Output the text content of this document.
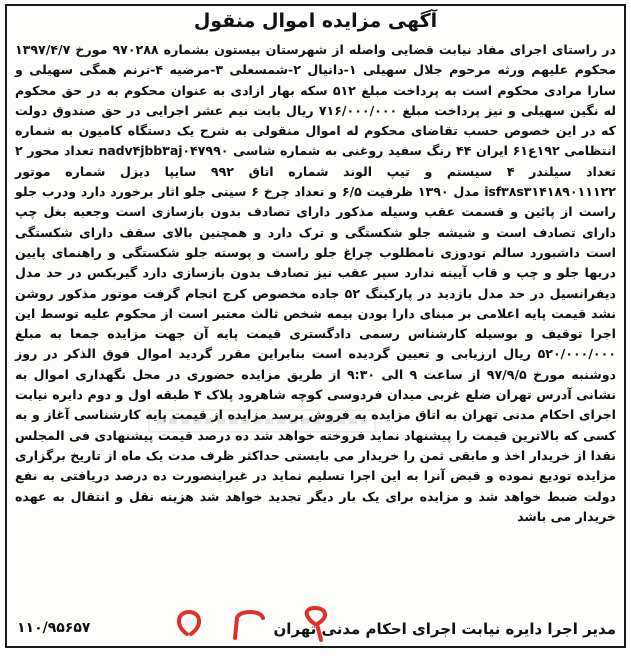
آگهی مزایده اموال منقول
در راستای اجرای مفاد نیابت قضایی واصله از شهرستان بیستون بشماره ۹۷۰۲۸۸ مورخ ۱۳۹۷/۴/۷ محکوم علیهم ورثه مرحوم جلال سهیلی ۱-دانیال ۲-شمسعلی ۳-مرضیه ۴-ترنم همگی سهیلی و سارا مرادی محکوم است به پرداخت مبلغ ۵۱۲ سکه بهار ازادی به عنوان محکوم به در حق محکوم له نگین سهیلی و نیز پرداخت مبلغ ۷۱۶/۰۰۰/۰۰۰ ریال بابت نیم عشر اجرایی در حق صندوق دولت که در این خصوص حسب تقاضای محکوم له اموال منقولی به شرح یک دستگاه کامیون به شماره انتظامی ۱۹۲ع۶۱ ایران ۴۴ رنگ سفید روغنی به شماره شاسی nadv۴jbb۳aj۰۴۷۹۹۰ تعداد محور ۲ تعداد سیلندر ۴ سیستم و تیپ الوند شماره اتاق ۹۹۲ سایپا دیزل شماره موتور isf۳۸s۳۱۴۱۸۹۰۱۱۱۲۲ مدل ۱۳۹۰ ظرفیت ۶/۵ و تعداد چرخ ۶ سینی جلو اثار برخورد دارد ودرب جلو راست از پائین و قسمت عقب وسیله مذکور دارای تصادف بدون بازسازی است وجعبه بغل چپ دارای تصادف است و شیشه جلو شکستگی و ترک دارد و همچنین بالای سقف دارای شکستگی است داشبورد سالم تودوزی نامطلوب چراغ جلو راست و پوسته جلو شکستگی و راهنمای پایین دربها جلو و چپ و قاب آیینه ندارد سپر عقب نیز تصادف بدون بازسازی دارد گیربکس در حد مدل دیفرانسیل در حد مدل بازدید در پارکینگ ۵۲ جاده مخصوص کرج انجام گرفت موتور مذکور روشن نشد قیمت پایه اعلامی بر مبنای دارا بودن بیمه شخص ثالث معتبر است از محکوم علیه توسط این اجرا توقیف و بوسیله کارشناس رسمی دادگستری قیمت پایه آن جهت مزایده جمعا به مبلغ ۵۲۰/۰۰۰/۰۰۰ ریال ارزیابی و تعیین گردیده است بنابراین مقرر گردید اموال فوق الذکر در روز دوشنبه مورخ ۹۷/۹/۵ از ساعت ۹ الی ۹:۳۰ از طریق مزایده حضوری در محل نگهداری اموال به نشانی آدرس تهران ضلع غربی میدان فردوسی کوچه شاهرود پلاک ۴ طبقه اول و دوم دایره نیابت اجرای احکام مدنی تهران به اتاق مزایده به فروش برسد مزایده از قیمت پایه کارشناسی آغاز و به کسی که بالاترین قیمت را پیشنهاد نماید فروخته خواهد شد ده درصد قیمت پیشنهادی فی المجلس نقدا از خریدار اخذ و مابقی ثمن را خریدار می بایستی حداکثر ظرف مدت یک ماه از تاریخ برگزاری مزایده تودیع نموده و قبض آنرا به این اجرا تسلیم نماید در غیراینصورت ده درصد دریافتی به نفع دولت ضبط خواهد شد و مزایده برای یک بار دیگر تجدید خواهد شد هزینه نقل و انتقال به عهده خریدار می باشد
مدیر اجرا دایره نیابت اجرای احکام مدنی تهران
۱۱۰/۹۵۶۵۷
